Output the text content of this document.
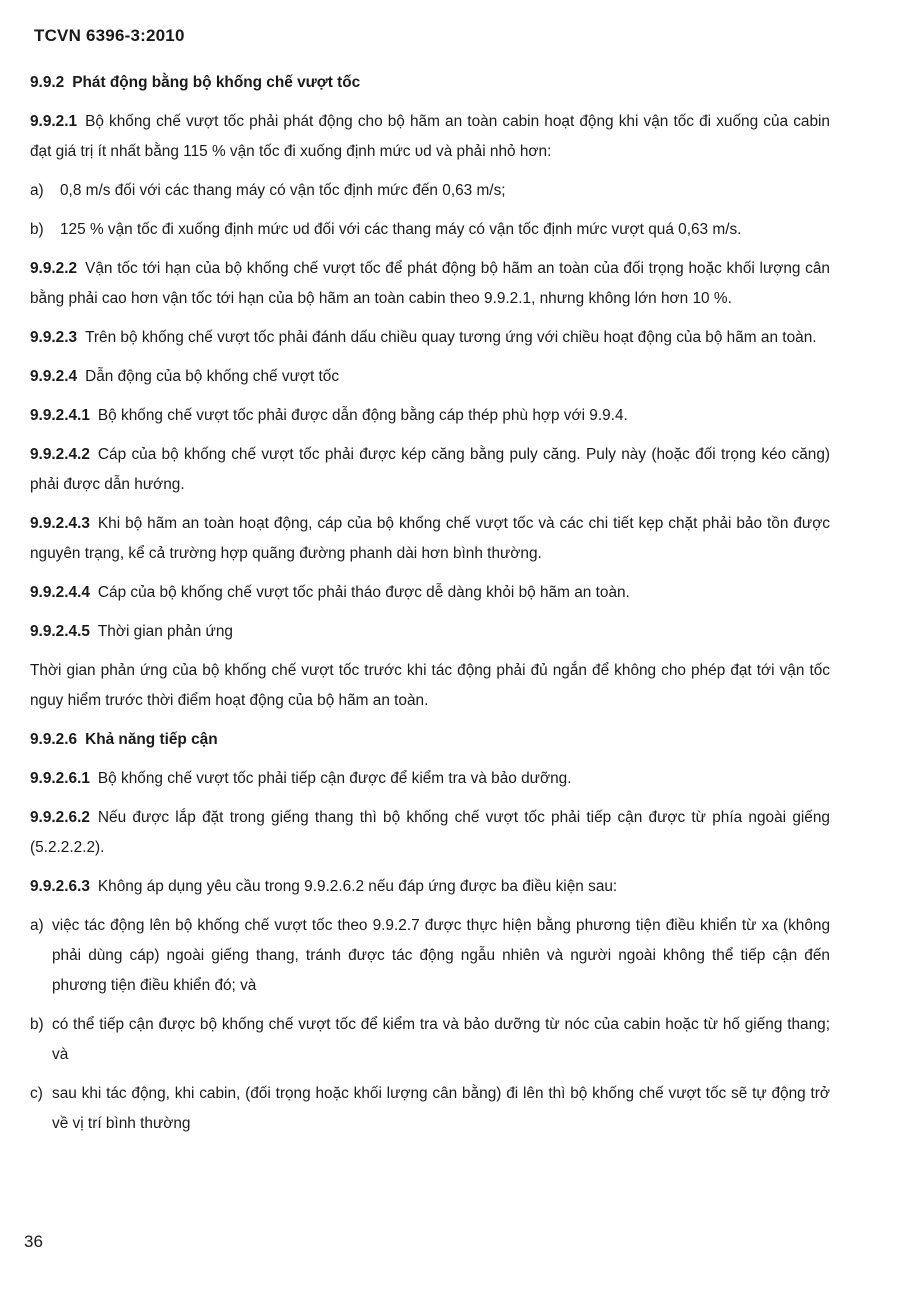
TCVN 6396-3:2010

9.9.2 Phát động bằng bộ khống chế vượt tốc

9.9.2.1 Bộ khống chế vượt tốc phải phát động cho bộ hãm an toàn cabin hoạt động khi vận tốc đi xuống của cabin đạt giá trị ít nhất bằng 115 % vận tốc đi xuống định mức υd và phải nhỏ hơn:

a)	0,8 m/s đối với các thang máy có vận tốc định mức đến 0,63 m/s;
b)	125 % vận tốc đi xuống định mức υd đối với các thang máy có vận tốc định mức vượt quá 0,63 m/s.

9.9.2.2 Vận tốc tới hạn của bộ khống chế vượt tốc để phát động bộ hãm an toàn của đối trọng hoặc khối lượng cân bằng phải cao hơn vận tốc tới hạn của bộ hãm an toàn cabin theo 9.9.2.1, nhưng không lớn hơn 10 %.

9.9.2.3 Trên bộ khống chế vượt tốc phải đánh dấu chiều quay tương ứng với chiều hoạt động của bộ hãm an toàn.

9.9.2.4 Dẫn động của bộ khống chế vượt tốc

9.9.2.4.1 Bộ khống chế vượt tốc phải được dẫn động bằng cáp thép phù hợp với 9.9.4.

9.9.2.4.2 Cáp của bộ khống chế vượt tốc phải được kép căng bằng puly căng. Puly này (hoặc đối trọng kéo căng) phải được dẫn hướng.

9.9.2.4.3 Khi bộ hãm an toàn hoạt động, cáp của bộ khống chế vượt tốc và các chi tiết kẹp chặt phải bảo tồn được nguyên trạng, kể cả trường hợp quãng đường phanh dài hơn bình thường.

9.9.2.4.4 Cáp của bộ khống chế vượt tốc phải tháo được dễ dàng khỏi bộ hãm an toàn.

9.9.2.4.5 Thời gian phản ứng

Thời gian phản ứng của bộ khống chế vượt tốc trước khi tác động phải đủ ngắn để không cho phép đạt tới vận tốc nguy hiểm trước thời điểm hoạt động của bộ hãm an toàn.

9.9.2.6 Khả năng tiếp cận

9.9.2.6.1 Bộ khống chế vượt tốc phải tiếp cận được để kiểm tra và bảo dưỡng.

9.9.2.6.2 Nếu được lắp đặt trong giếng thang thì bộ khống chế vượt tốc phải tiếp cận được từ phía ngoài giếng (5.2.2.2.2).

9.9.2.6.3 Không áp dụng yêu cầu trong 9.9.2.6.2 nếu đáp ứng được ba điều kiện sau:

a) việc tác động lên bộ khống chế vượt tốc theo 9.9.2.7 được thực hiện bằng phương tiện điều khiển từ xa (không phải dùng cáp) ngoài giếng thang, tránh được tác động ngẫu nhiên và người ngoài không thể tiếp cận đến phương tiện điều khiển đó; và
b) có thể tiếp cận được bộ khống chế vượt tốc để kiểm tra và bảo dưỡng từ nóc của cabin hoặc từ hố giếng thang; và
c) sau khi tác động, khi cabin, (đối trọng hoặc khối lượng cân bằng) đi lên thì bộ khống chế vượt tốc sẽ tự động trở về vị trí bình thường
36
